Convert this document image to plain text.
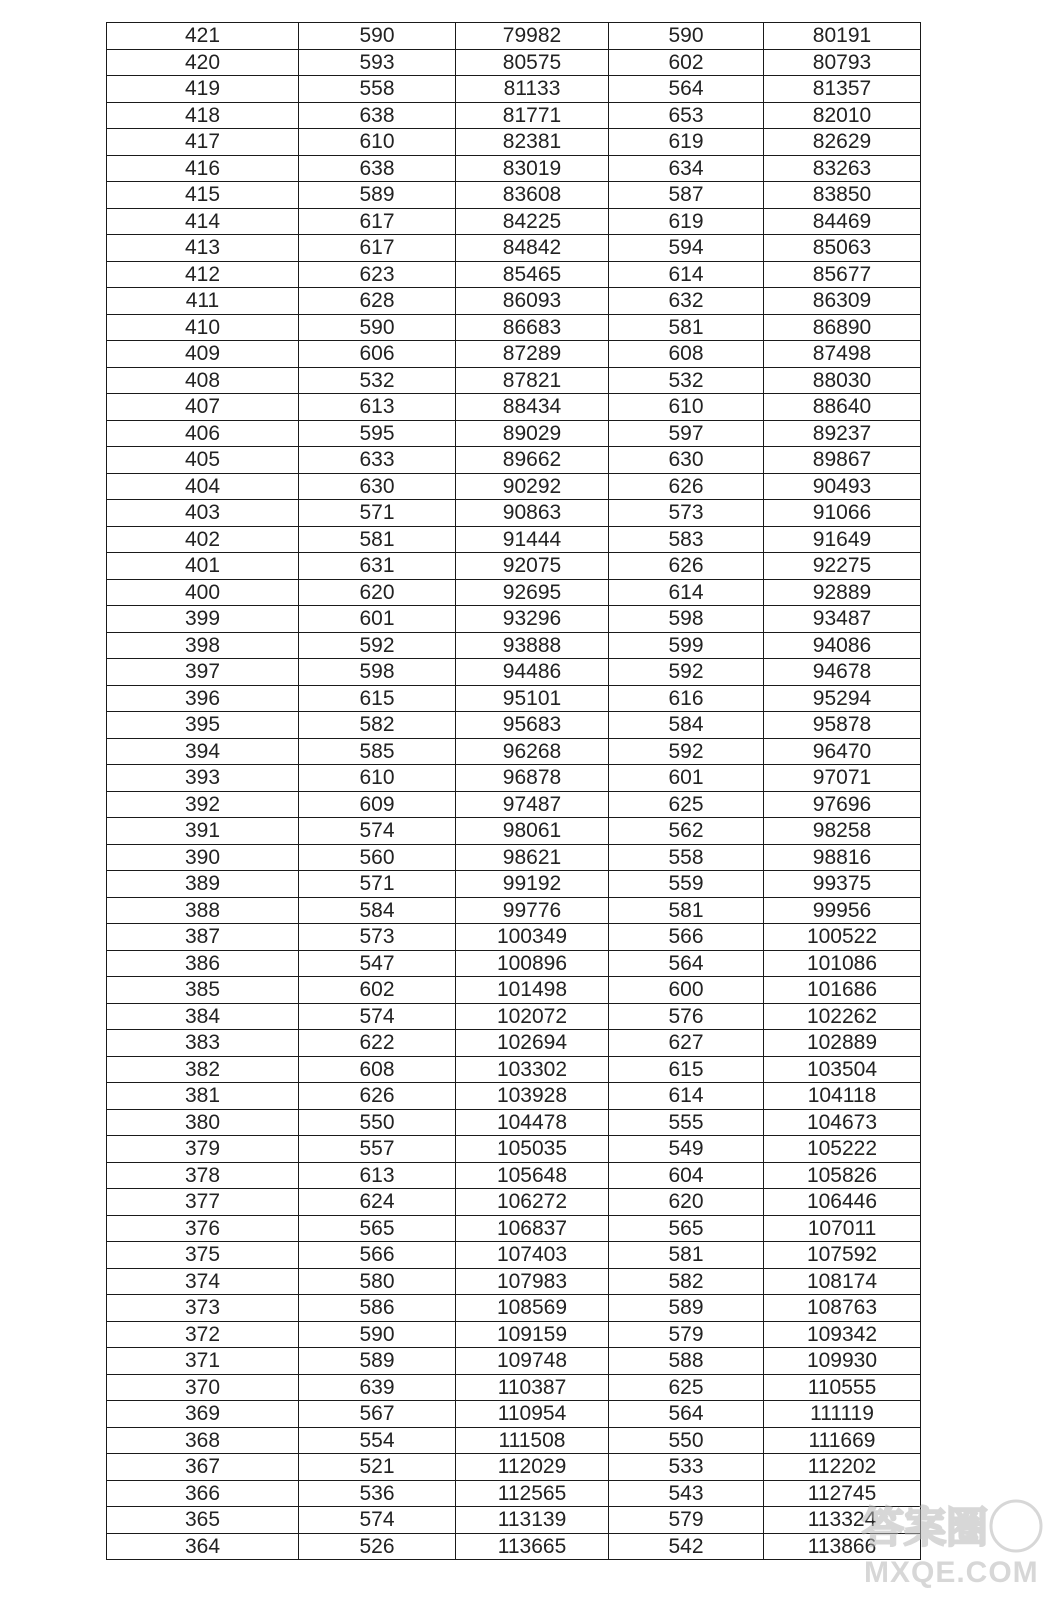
421	590	79982	590	80191
420	593	80575	602	80793
419	558	81133	564	81357
418	638	81771	653	82010
417	610	82381	619	82629
416	638	83019	634	83263
415	589	83608	587	83850
414	617	84225	619	84469
413	617	84842	594	85063
412	623	85465	614	85677
411	628	86093	632	86309
410	590	86683	581	86890
409	606	87289	608	87498
408	532	87821	532	88030
407	613	88434	610	88640
406	595	89029	597	89237
405	633	89662	630	89867
404	630	90292	626	90493
403	571	90863	573	91066
402	581	91444	583	91649
401	631	92075	626	92275
400	620	92695	614	92889
399	601	93296	598	93487
398	592	93888	599	94086
397	598	94486	592	94678
396	615	95101	616	95294
395	582	95683	584	95878
394	585	96268	592	96470
393	610	96878	601	97071
392	609	97487	625	97696
391	574	98061	562	98258
390	560	98621	558	98816
389	571	99192	559	99375
388	584	99776	581	99956
387	573	100349	566	100522
386	547	100896	564	101086
385	602	101498	600	101686
384	574	102072	576	102262
383	622	102694	627	102889
382	608	103302	615	103504
381	626	103928	614	104118
380	550	104478	555	104673
379	557	105035	549	105222
378	613	105648	604	105826
377	624	106272	620	106446
376	565	106837	565	107011
375	566	107403	581	107592
374	580	107983	582	108174
373	586	108569	589	108763
372	590	109159	579	109342
371	589	109748	588	109930
370	639	110387	625	110555
369	567	110954	564	111119
368	554	111508	550	111669
367	521	112029	533	112202
366	536	112565	543	112745
365	574	113139	579	113324
364	526	113665	542	113866
答案圈
MXQE.COM
